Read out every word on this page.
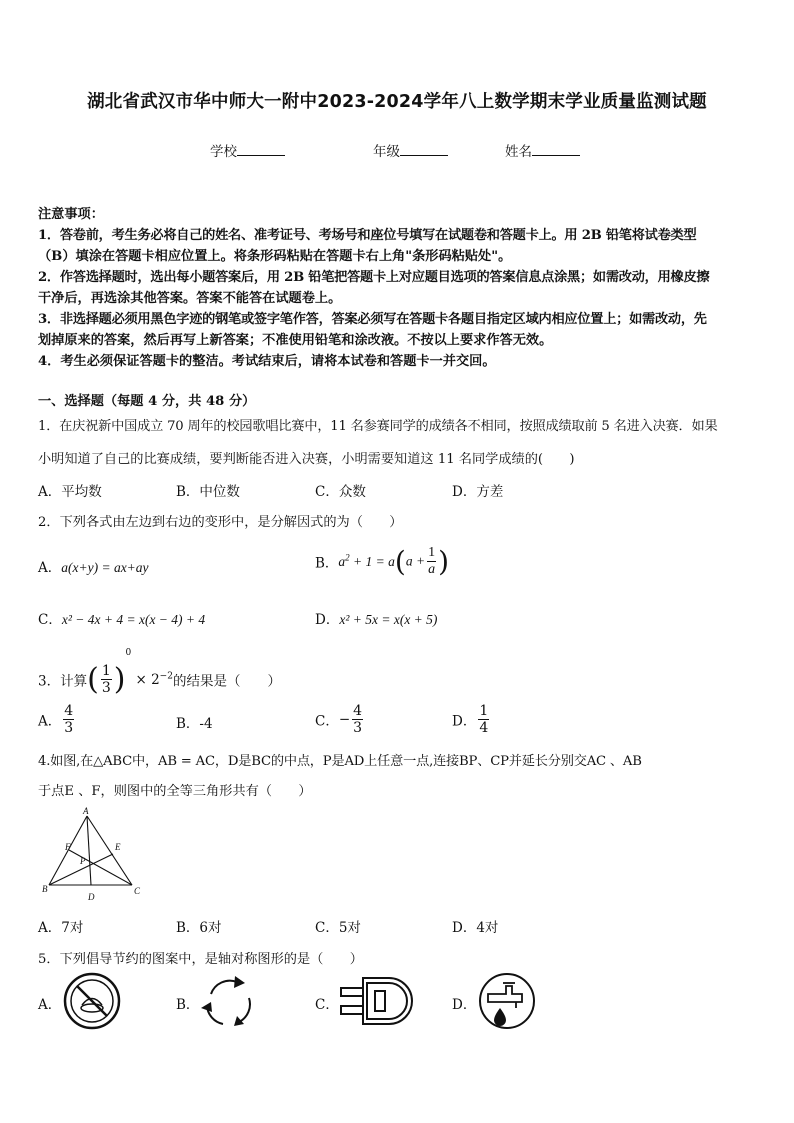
湖北省武汉市华中师大一附中2023-2024学年八上数学期末学业质量监测试题
学校	年级	姓名
注意事项：
1．答卷前，考生务必将自己的姓名、准考证号、考场号和座位号填写在试题卷和答题卡上。用 2B 铅笔将试卷类型
（B）填涂在答题卡相应位置上。将条形码粘贴在答题卡右上角"条形码粘贴处"。
2．作答选择题时，选出每小题答案后，用 2B 铅笔把答题卡上对应题目选项的答案信息点涂黑；如需改动，用橡皮擦
干净后，再选涂其他答案。答案不能答在试题卷上。
3．非选择题必须用黑色字迹的钢笔或签字笔作答，答案必须写在答题卡各题目指定区域内相应位置上；如需改动，先
划掉原来的答案，然后再写上新答案；不准使用铅笔和涂改液。不按以上要求作答无效。
4．考生必须保证答题卡的整洁。考试结束后，请将本试卷和答题卡一并交回。
一、选择题（每题 4 分，共 48 分）
1．在庆祝新中国成立 70 周年的校园歌唱比赛中，11 名参赛同学的成绩各不相同，按照成绩取前 5 名进入决赛．如果
小明知道了自己的比赛成绩，要判断能否进入决赛，小明需要知道这 11 名同学成绩的(　　)
A．平均数	B．中位数	C．众数	D．方差
2．下列各式由左边到右边的变形中，是分解因式的为（　　）
A．a(x+y) = ax+ay	B．$a^2 + 1 = a(a + \frac{1}{a}$ )
C．x² − 4x + 4 = x(x − 4) + 4	D．x² + 5x = x(x + 5)
3．计算( $\frac{1}{3} )^0 \times 2^{-2}$的结果是（　　）
A． $\frac{4}{3}$	B．-4	C．− $\frac{4}{3}$	D． $\frac{1}{4}$
4.如图,在△ABC中，AB = AC，D是BC的中点，P是AD上任意一点,连接BP、CP并延长分别交AC 、AB
于点E 、F，则图中的全等三角形共有（　　）
A
B	C
D
E
F
P
A．7对	B．6对	C．5对	D．4对
5．下列倡导节约的图案中，是轴对称图形的是（　　）
A．	B．	C．	D．
